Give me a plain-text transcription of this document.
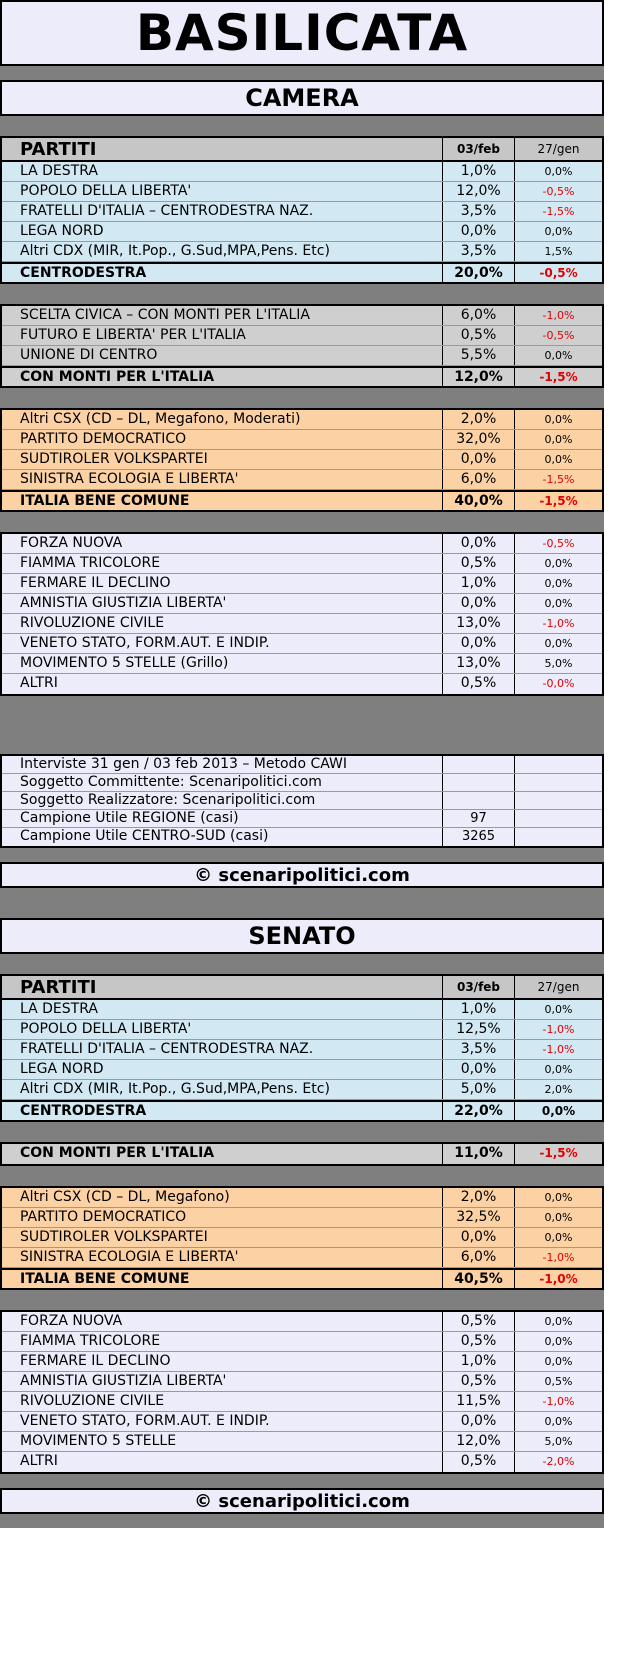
BASILICATA
CAMERA
PARTITI	03/feb	27/gen
LA DESTRA	1,0%	0,0%
POPOLO DELLA LIBERTA'	12,0%	-0,5%
FRATELLI D'ITALIA – CENTRODESTRA NAZ.	3,5%	-1,5%
LEGA NORD	0,0%	0,0%
Altri CDX (MIR, It.Pop., G.Sud,MPA,Pens. Etc)	3,5%	1,5%
CENTRODESTRA	20,0%	-0,5%
SCELTA CIVICA – CON MONTI PER L'ITALIA	6,0%	-1,0%
FUTURO E LIBERTA' PER L'ITALIA	0,5%	-0,5%
UNIONE DI CENTRO	5,5%	0,0%
CON MONTI PER L'ITALIA	12,0%	-1,5%
Altri CSX (CD – DL, Megafono, Moderati)	2,0%	0,0%
PARTITO DEMOCRATICO	32,0%	0,0%
SUDTIROLER VOLKSPARTEI	0,0%	0,0%
SINISTRA ECOLOGIA E LIBERTA'	6,0%	-1,5%
ITALIA BENE COMUNE	40,0%	-1,5%
FORZA NUOVA	0,0%	-0,5%
FIAMMA TRICOLORE	0,5%	0,0%
FERMARE IL DECLINO	1,0%	0,0%
AMNISTIA GIUSTIZIA LIBERTA'	0,0%	0,0%
RIVOLUZIONE CIVILE	13,0%	-1,0%
VENETO STATO, FORM.AUT. E INDIP.	0,0%	0,0%
MOVIMENTO 5 STELLE (Grillo)	13,0%	5,0%
ALTRI	0,5%	-0,0%
Interviste 31 gen / 03 feb 2013 – Metodo CAWI
Soggetto Committente: Scenaripolitici.com
Soggetto Realizzatore: Scenaripolitici.com
Campione Utile REGIONE (casi)	97
Campione Utile CENTRO-SUD (casi)	3265
© scenaripolitici.com
SENATO
PARTITI	03/feb	27/gen
LA DESTRA	1,0%	0,0%
POPOLO DELLA LIBERTA'	12,5%	-1,0%
FRATELLI D'ITALIA – CENTRODESTRA NAZ.	3,5%	-1,0%
LEGA NORD	0,0%	0,0%
Altri CDX (MIR, It.Pop., G.Sud,MPA,Pens. Etc)	5,0%	2,0%
CENTRODESTRA	22,0%	0,0%
CON MONTI PER L'ITALIA	11,0%	-1,5%
Altri CSX (CD – DL, Megafono)	2,0%	0,0%
PARTITO DEMOCRATICO	32,5%	0,0%
SUDTIROLER VOLKSPARTEI	0,0%	0,0%
SINISTRA ECOLOGIA E LIBERTA'	6,0%	-1,0%
ITALIA BENE COMUNE	40,5%	-1,0%
FORZA NUOVA	0,5%	0,0%
FIAMMA TRICOLORE	0,5%	0,0%
FERMARE IL DECLINO	1,0%	0,0%
AMNISTIA GIUSTIZIA LIBERTA'	0,5%	0,5%
RIVOLUZIONE CIVILE	11,5%	-1,0%
VENETO STATO, FORM.AUT. E INDIP.	0,0%	0,0%
MOVIMENTO 5 STELLE	12,0%	5,0%
ALTRI	0,5%	-2,0%
© scenaripolitici.com
